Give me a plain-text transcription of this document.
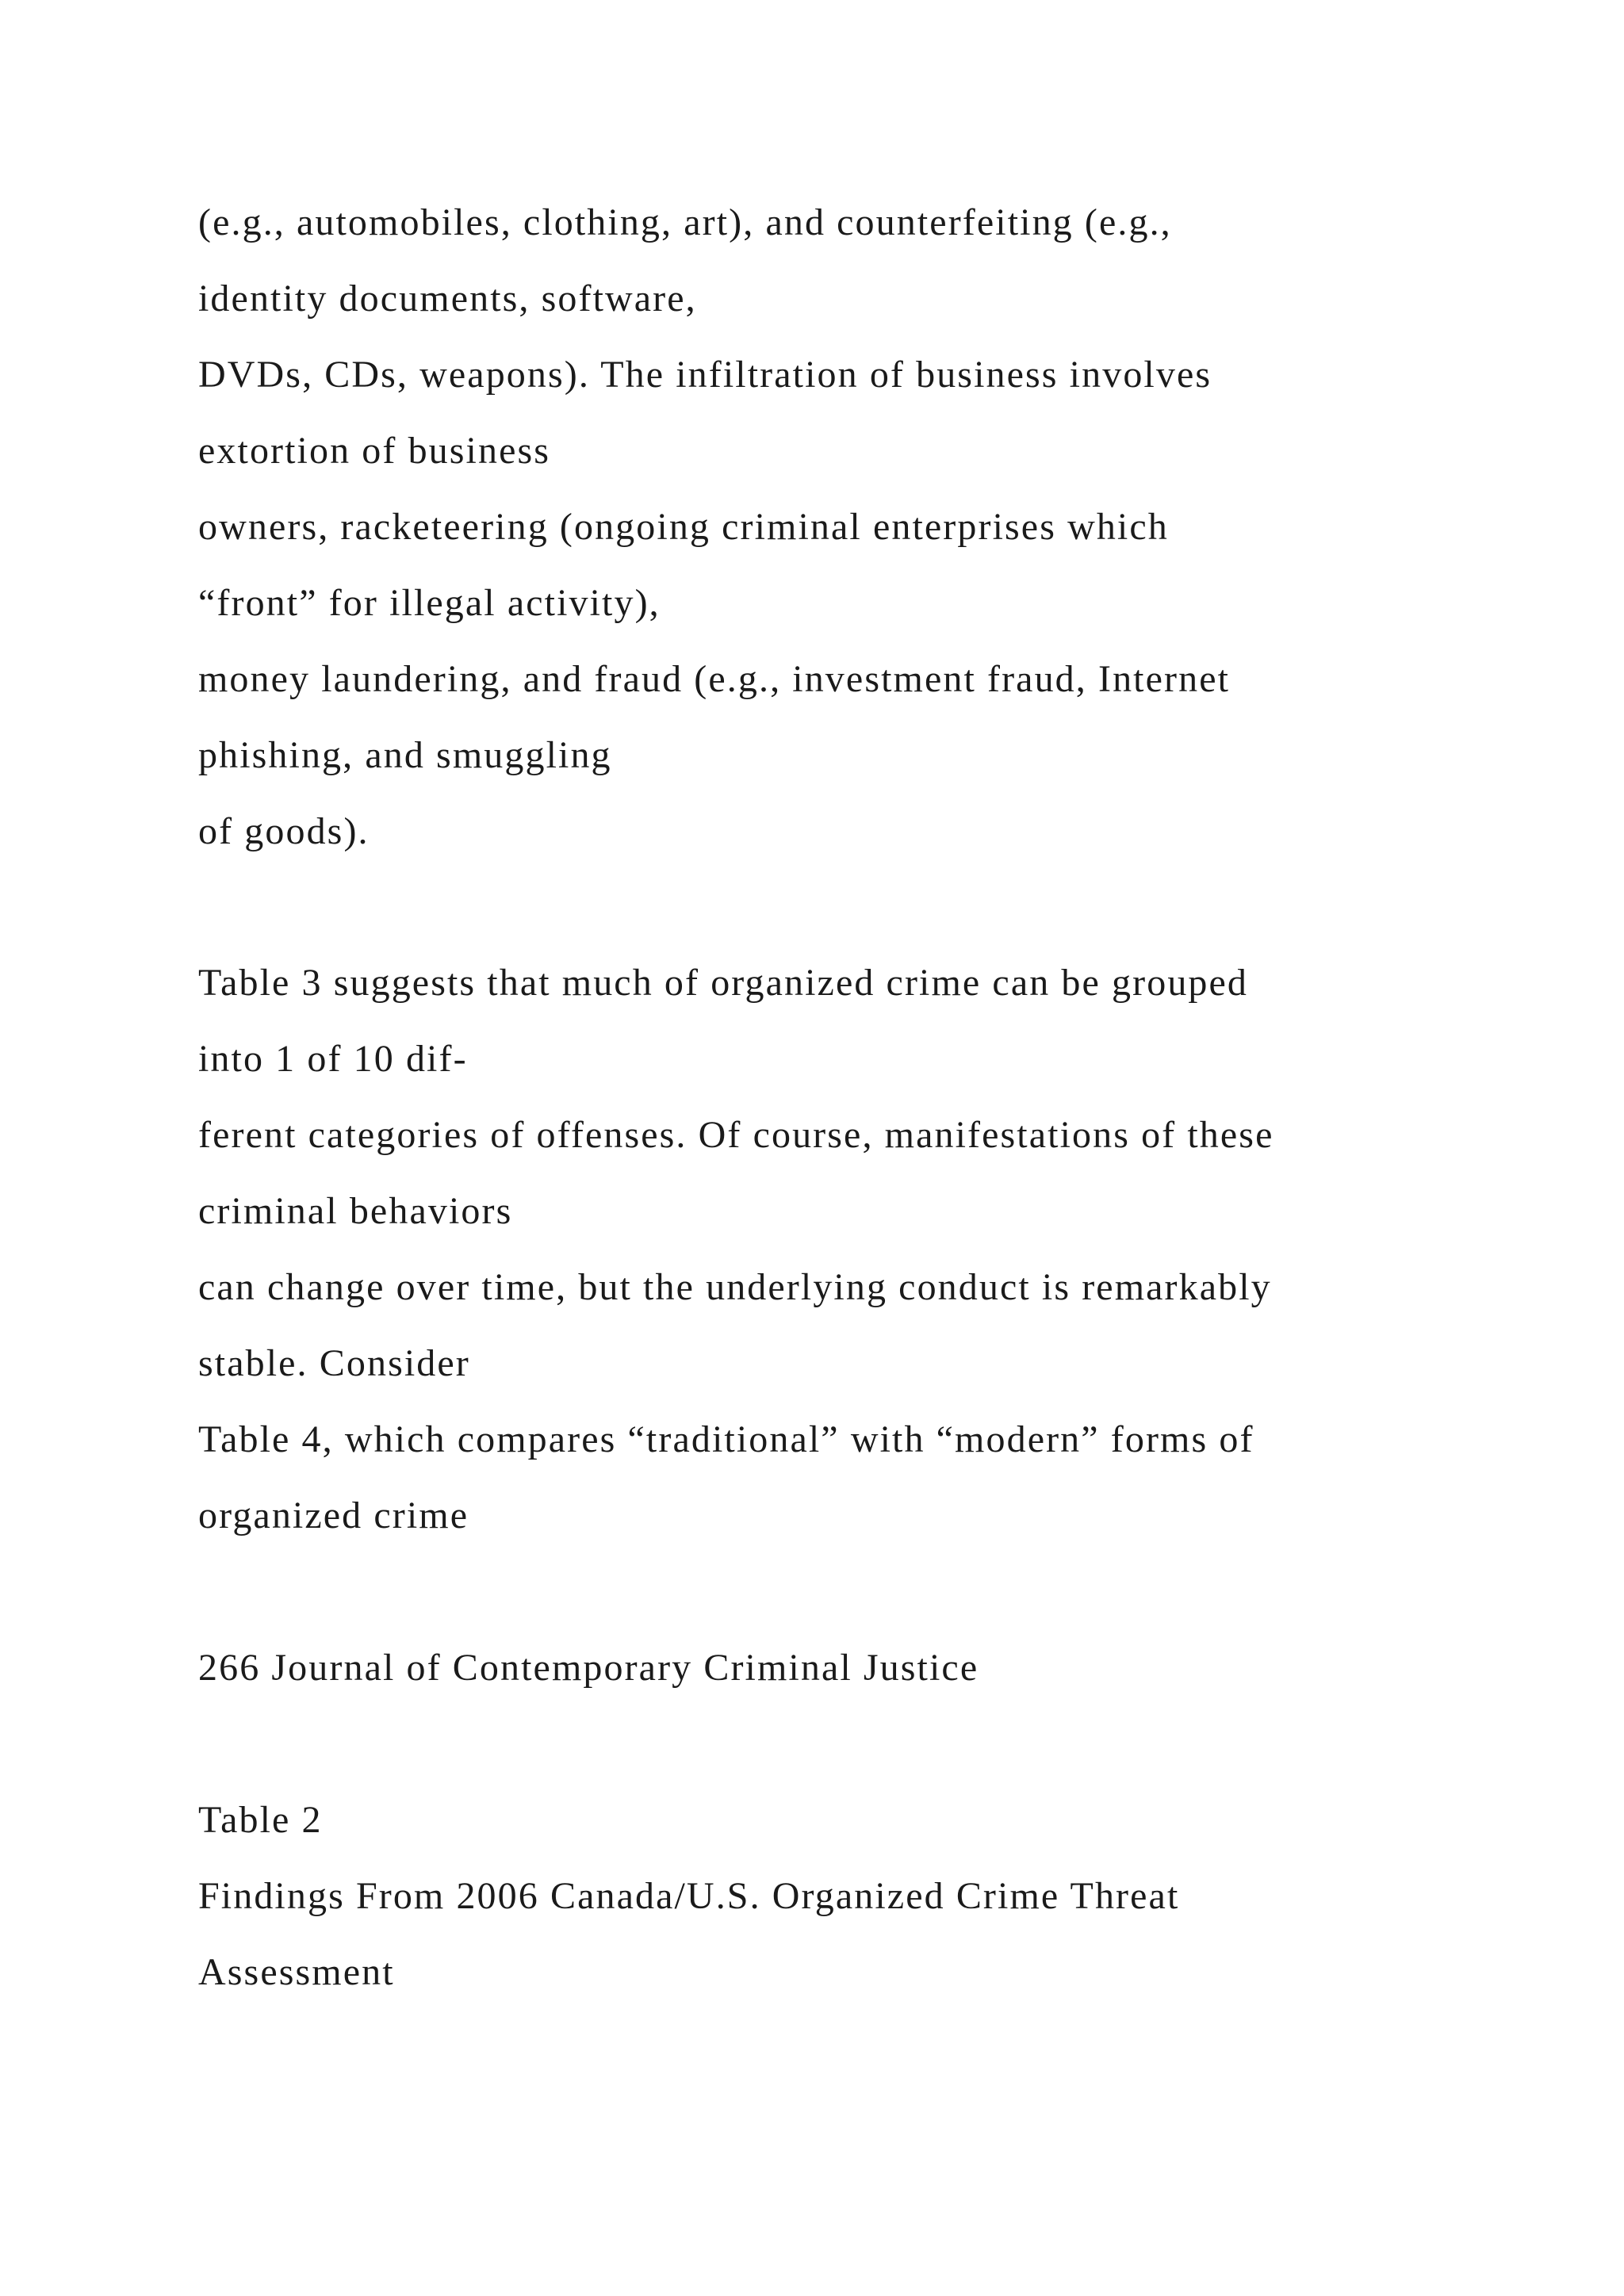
(e.g., automobiles, clothing, art), and counterfeiting (e.g.,
identity documents, software,
DVDs, CDs, weapons). The infiltration of business involves
extortion of business
owners, racketeering (ongoing criminal enterprises which
“front” for illegal activity),
money laundering, and fraud (e.g., investment fraud, Internet
phishing, and smuggling
of goods).
Table 3 suggests that much of organized crime can be grouped
into 1 of 10 dif-
ferent categories of offenses. Of course, manifestations of these
criminal behaviors
can change over time, but the underlying conduct is remarkably
stable. Consider
Table 4, which compares “traditional” with “modern” forms of
organized crime
266 Journal of Contemporary Criminal Justice
Table 2
Findings From 2006 Canada/U.S. Organized Crime Threat
Assessment
